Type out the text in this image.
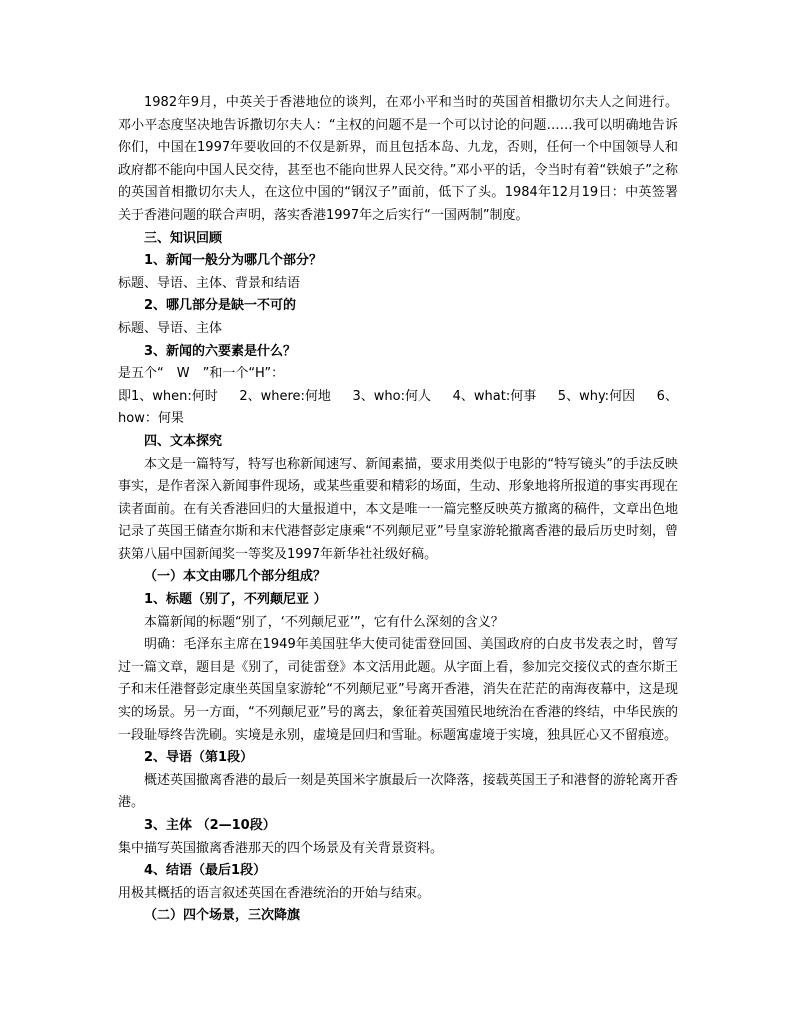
1982年9月，中英关于香港地位的谈判，在邓小平和当时的英国首相撒切尔夫人之间进行。邓小平态度坚决地告诉撒切尔夫人：“主权的问题不是一个可以讨论的问题……我可以明确地告诉你们，中国在1997年要收回的不仅是新界，而且包括本岛、九龙，否则，任何一个中国领导人和政府都不能向中国人民交待，甚至也不能向世界人民交待。”邓小平的话，令当时有着“铁娘子”之称的英国首相撒切尔夫人，在这位中国的“钢汉子”面前，低下了头。1984年12月19日：中英签署关于香港问题的联合声明，落实香港1997年之后实行“一国两制”制度。

三、知识回顾

1、新闻一般分为哪几个部分？

标题、导语、主体、背景和结语

2、哪几部分是缺一不可的

标题、导语、主体

3、新闻的六要素是什么？

是五个“　W　”和一个“H”：

即1、when:何时 2、where:何地 3、who:何人 4、what:何事 5、why:何因 6、

how：何果

四、文本探究

本文是一篇特写，特写也称新闻速写、新闻素描，要求用类似于电影的“特写镜头”的手法反映事实，是作者深入新闻事件现场，或某些重要和精彩的场面，生动、形象地将所报道的事实再现在读者面前。在有关香港回归的大量报道中，本文是唯一一篇完整反映英方撤离的稿件，文章出色地记录了英国王储查尔斯和末代港督彭定康乘“不列颠尼亚”号皇家游轮撤离香港的最后历史时刻，曾获第八届中国新闻奖一等奖及1997年新华社社级好稿。

（一）本文由哪几个部分组成？

1、标题（别了，不列颠尼亚 ）

本篇新闻的标题“别了，‘不列颠尼亚’”，它有什么深刻的含义？

明确：毛泽东主席在1949年美国驻华大使司徒雷登回国、美国政府的白皮书发表之时，曾写过一篇文章，题目是《别了，司徒雷登》本文活用此题。从字面上看，参加完交接仪式的查尔斯王子和末任港督彭定康坐英国皇家游轮“不列颠尼亚”号离开香港，消失在茫茫的南海夜幕中，这是现实的场景。另一方面，“不列颠尼亚”号的离去，象征着英国殖民地统治在香港的终结，中华民族的一段耻辱终告洗刷。实境是永别，虚境是回归和雪耻。标题寓虚境于实境，独具匠心又不留痕迹。

2、导语（第1段）

概述英国撤离香港的最后一刻是英国米字旗最后一次降落，接载英国王子和港督的游轮离开香港。

3、主体 （2—10段）

集中描写英国撤离香港那天的四个场景及有关背景资料。

4、结语（最后1段）

用极其概括的语言叙述英国在香港统治的开始与结束。

（二）四个场景，三次降旗
